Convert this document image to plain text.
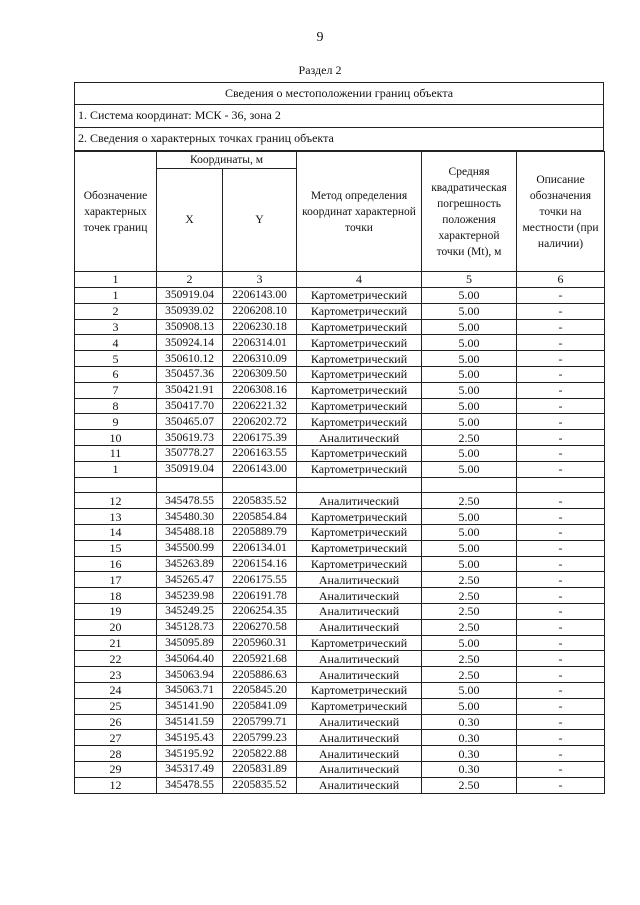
9
Раздел 2
Сведения о местоположении границ объекта
1. Система координат: МСК - 36, зона 2
2. Сведения о характерных точках границ объекта
Обозначение характерных точек границ	Координаты, м		Метод определения координат характерной точки	Средняя квадратическая погрешность положения характерной точки (Mt), м	Описание обозначения точки на местности (при наличии)
	X	Y			
1	2	3	4	5	6
1	350919.04	2206143.00	Картометрический	5.00	-
2	350939.02	2206208.10	Картометрический	5.00	-
3	350908.13	2206230.18	Картометрический	5.00	-
4	350924.14	2206314.01	Картометрический	5.00	-
5	350610.12	2206310.09	Картометрический	5.00	-
6	350457.36	2206309.50	Картометрический	5.00	-
7	350421.91	2206308.16	Картометрический	5.00	-
8	350417.70	2206221.32	Картометрический	5.00	-
9	350465.07	2206202.72	Картометрический	5.00	-
10	350619.73	2206175.39	Аналитический	2.50	-
11	350778.27	2206163.55	Картометрический	5.00	-
1	350919.04	2206143.00	Картометрический	5.00	-

12	345478.55	2205835.52	Аналитический	2.50	-
13	345480.30	2205854.84	Картометрический	5.00	-
14	345488.18	2205889.79	Картометрический	5.00	-
15	345500.99	2206134.01	Картометрический	5.00	-
16	345263.89	2206154.16	Картометрический	5.00	-
17	345265.47	2206175.55	Аналитический	2.50	-
18	345239.98	2206191.78	Аналитический	2.50	-
19	345249.25	2206254.35	Аналитический	2.50	-
20	345128.73	2206270.58	Аналитический	2.50	-
21	345095.89	2205960.31	Картометрический	5.00	-
22	345064.40	2205921.68	Аналитический	2.50	-
23	345063.94	2205886.63	Аналитический	2.50	-
24	345063.71	2205845.20	Картометрический	5.00	-
25	345141.90	2205841.09	Картометрический	5.00	-
26	345141.59	2205799.71	Аналитический	0.30	-
27	345195.43	2205799.23	Аналитический	0.30	-
28	345195.92	2205822.88	Аналитический	0.30	-
29	345317.49	2205831.89	Аналитический	0.30	-
12	345478.55	2205835.52	Аналитический	2.50	-
